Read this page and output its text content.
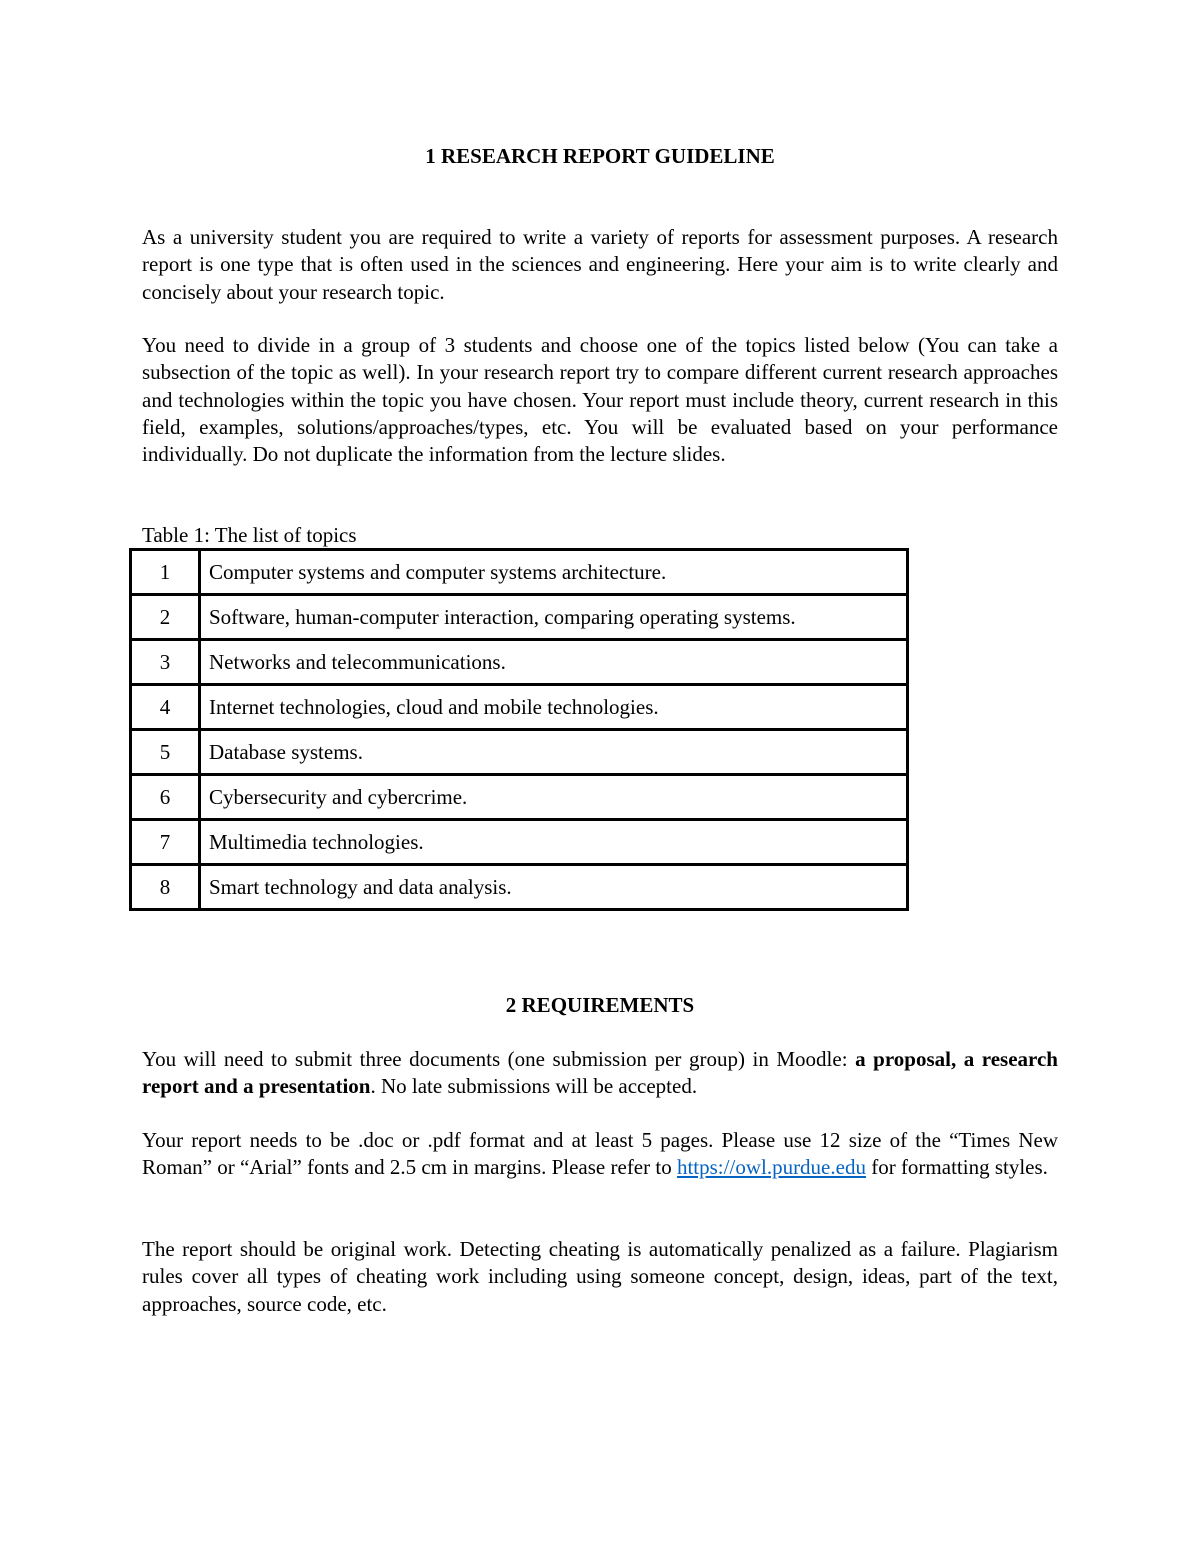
1 RESEARCH REPORT GUIDELINE
As a university student you are required to write a variety of reports for assessment purposes. A research report is one type that is often used in the sciences and engineering. Here your aim is to write clearly and concisely about your research topic.
You need to divide in a group of 3 students and choose one of the topics listed below (You can take a subsection of the topic as well). In your research report try to compare different current research approaches and technologies within the topic you have chosen. Your report must include theory, current research in this field, examples, solutions/approaches/types, etc. You will be evaluated based on your performance individually. Do not duplicate the information from the lecture slides.
Table 1: The list of topics
1	Computer systems and computer systems architecture.
2	Software, human-computer interaction, comparing operating systems.
3	Networks and telecommunications.
4	Internet technologies, cloud and mobile technologies.
5	Database systems.
6	Cybersecurity and cybercrime.
7	Multimedia technologies.
8	Smart technology and data analysis.
2 REQUIREMENTS
You will need to submit three documents (one submission per group) in Moodle: a proposal, a research report and a presentation. No late submissions will be accepted.
Your report needs to be .doc or .pdf format and at least 5 pages. Please use 12 size of the “Times New Roman” or “Arial” fonts and 2.5 cm in margins. Please refer to https://owl.purdue.edu for formatting styles.
The report should be original work. Detecting cheating is automatically penalized as a failure. Plagiarism rules cover all types of cheating work including using someone concept, design, ideas, part of the text, approaches, source code, etc.
